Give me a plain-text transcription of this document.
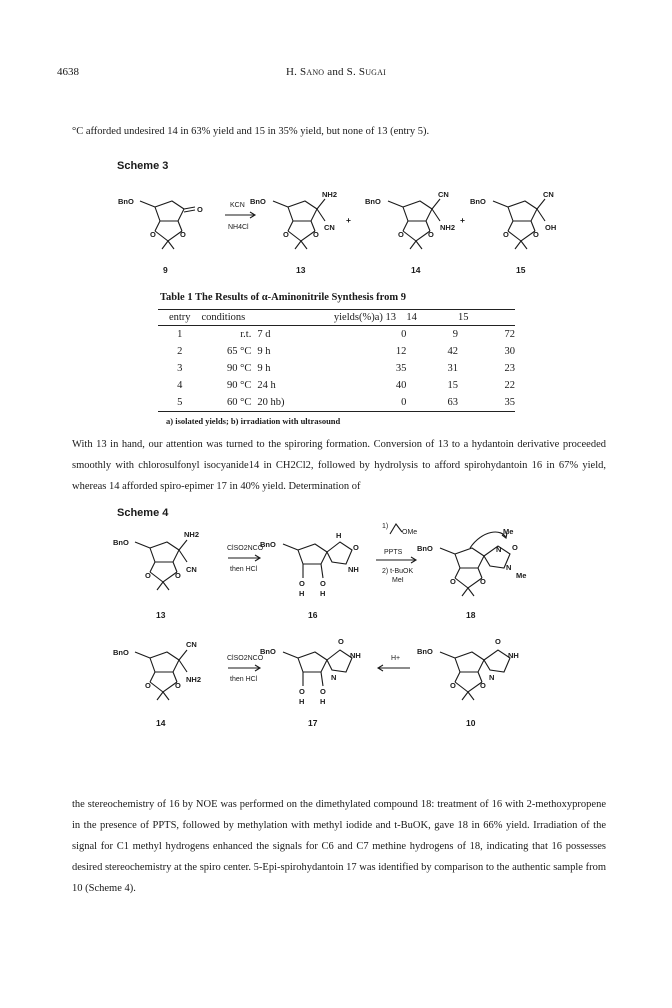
4638	H. Sano and S. Sugai
°C afforded undesired 14 in 63% yield and 15 in 35% yield, but none of 13 (entry 5).
Scheme 3
BnO
O
O	O
KCN
NH4Cl
BnO
NH2
CN
O	O
+
BnO
CN
NH2
O	O
+
BnO
CN
OH
O	O
9	13	14	15
Table 1 The Results of α-Aminonitrile Synthesis from 9
entry	conditions		yields(%)a) 13	14	15
1	r.t.	7 d	0	9	72
2	65 °C	9 h	12	42	30
3	90 °C	9 h	35	31	23
4	90 °C	24 h	40	15	22
5	60 °C	20 hb)	0	63	35
a) isolated yields; b) irradiation with ultrasound
With 13 in hand, our attention was turned to the spiroring formation. Conversion of 13 to a hydantoin derivative proceeded smoothly with chlorosulfonyl isocyanide14 in CH2Cl2, followed by hydrolysis to afford spirohydantoin 16 in 67% yield, whereas 14 afforded spiro-epimer 17 in 40% yield. Determination of
Scheme 4
BnO
NH2
CN
O	O
ClSO2NCO
then HCl
BnO
H
O
NH
O O
H H
1)
OMe
PPTS
2) t-BuOK
MeI
BnO
Me
N O
N
Me
O	O
13	16	18
BnO
CN
NH2
O	O
ClSO2NCO
then HCl
BnO
O
NH
N
O O
H H
H+
BnO
O
NH
N
O	O
14	17	10
the stereochemistry of 16 by NOE was performed on the dimethylated compound 18: treatment of 16 with 2-methoxypropene in the presence of PPTS, followed by methylation with methyl iodide and t-BuOK, gave 18 in 66% yield. Irradiation of the signal for C1 methyl hydrogens enhanced the signals for C6 and C7 methine hydrogens of 18, indicating that 16 possesses desired stereochemistry at the spiro center. 5-Epi-spirohydantoin 17 was identified by comparison to the authentic sample from 10 (Scheme 4).
